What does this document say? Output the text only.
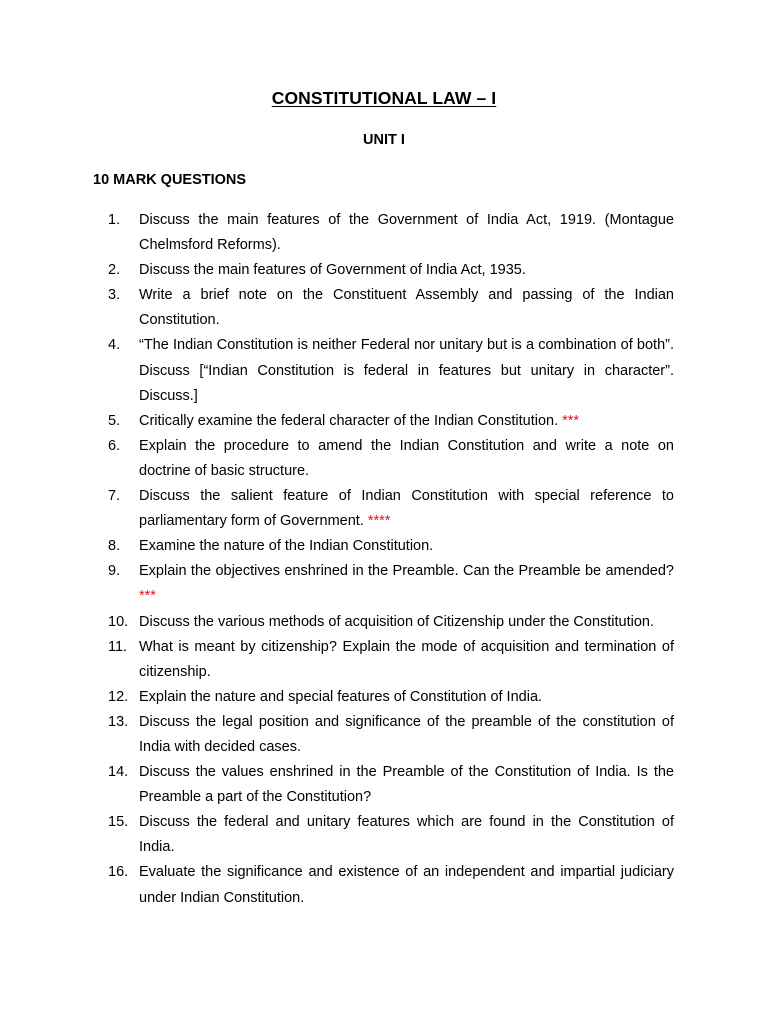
CONSTITUTIONAL LAW – I
UNIT I
10 MARK QUESTIONS
1.	Discuss the main features of the Government of India Act, 1919. (Montague Chelmsford Reforms).
2.	Discuss the main features of Government of India Act, 1935.
3.	Write a brief note on the Constituent Assembly and passing of the Indian Constitution.
4.	“The Indian Constitution is neither Federal nor unitary but is a combination of both”. Discuss [“Indian Constitution is federal in features but unitary in character”. Discuss.]
5.	Critically examine the federal character of the Indian Constitution. ***
6.	Explain the procedure to amend the Indian Constitution and write a note on doctrine of basic structure.
7.	Discuss the salient feature of Indian Constitution with special reference to parliamentary form of Government. ****
8.	Examine the nature of the Indian Constitution.
9.	Explain the objectives enshrined in the Preamble. Can the Preamble be amended? ***
10. Discuss the various methods of acquisition of Citizenship under the Constitution.
11. What is meant by citizenship? Explain the mode of acquisition and termination of citizenship.
12. Explain the nature and special features of Constitution of India.
13. Discuss the legal position and significance of the preamble of the constitution of India with decided cases.
14. Discuss the values enshrined in the Preamble of the Constitution of India. Is the Preamble a part of the Constitution?
15. Discuss the federal and unitary features which are found in the Constitution of India.
16. Evaluate the significance and existence of an independent and impartial judiciary under Indian Constitution.
